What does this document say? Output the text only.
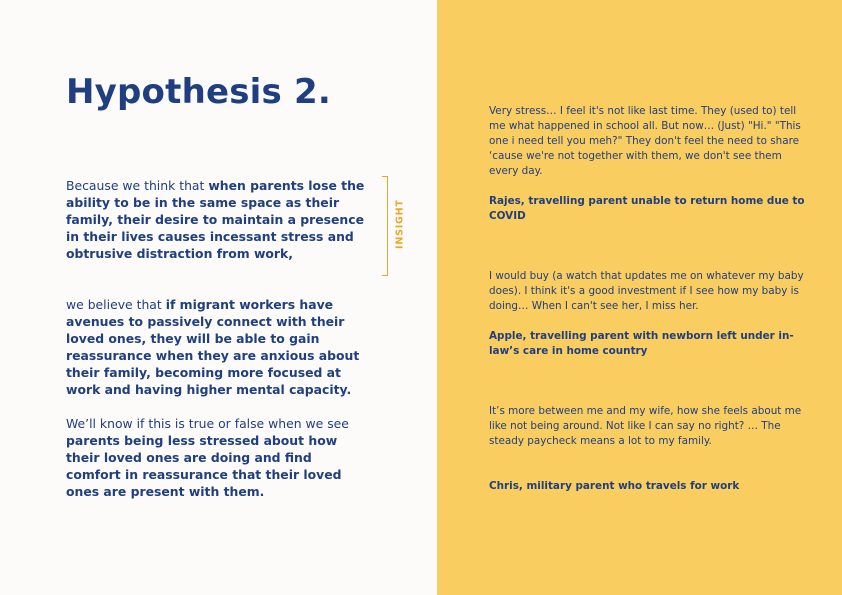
Hypothesis 2.

Because we think that when parents lose the ability to be in the same space as their family, their desire to maintain a presence in their lives causes incessant stress and obtrusive distraction from work,

we believe that if migrant workers have avenues to passively connect with their loved ones, they will be able to gain reassurance when they are anxious about their family, becoming more focused at work and having higher mental capacity.

We’ll know if this is true or false when we see parents being less stressed about how their loved ones are doing and find comfort in reassurance that their loved ones are present with them.

INSIGHT

Very stress… I feel it's not like last time. They (used to) tell me what happened in school all. But now… (Just) "Hi." "This one i need tell you meh?" They don't feel the need to share ‘cause we're not together with them, we don't see them every day.

Rajes, travelling parent unable to return home due to COVID

I would buy (a watch that updates me on whatever my baby does). I think it's a good investment if I see how my baby is doing… When I can't see her, I miss her.

Apple, travelling parent with newborn left under in-law’s care in home country

It’s more between me and my wife, how she feels about me like not being around. Not like I can say no right? … The steady paycheck means a lot to my family.

Chris, military parent who travels for work
